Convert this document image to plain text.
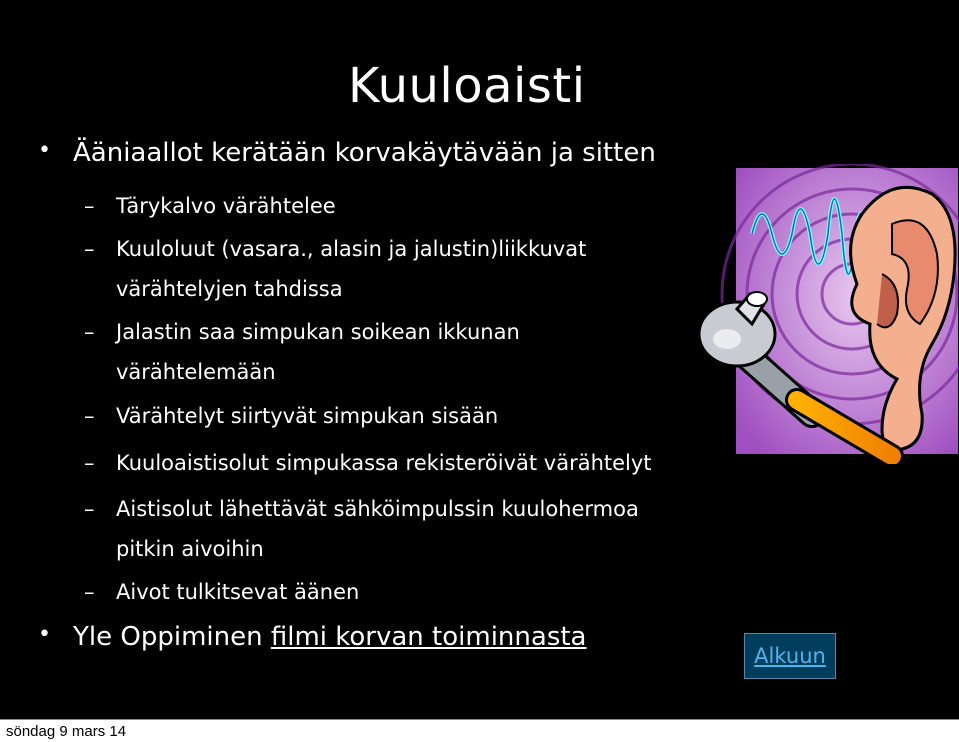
Kuuloaisti
• Ääniaallot kerätään korvakäytävään ja sitten
– Tärykalvo värähtelee
– Kuuloluut (vasara., alasin ja jalustin)liikkuvat
värähtelyjen tahdissa
– Jalastin saa simpukan soikean ikkunan
värähtelemään
– Värähtelyt siirtyvät simpukan sisään
– Kuuloaistisolut simpukassa rekisteröivät värähtelyt
– Aistisolut lähettävät sähköimpulssin kuulohermoa
pitkin aivoihin
– Aivot tulkitsevat äänen
• Yle Oppiminen filmi korvan toiminnasta
Alkuun
söndag 9 mars 14
